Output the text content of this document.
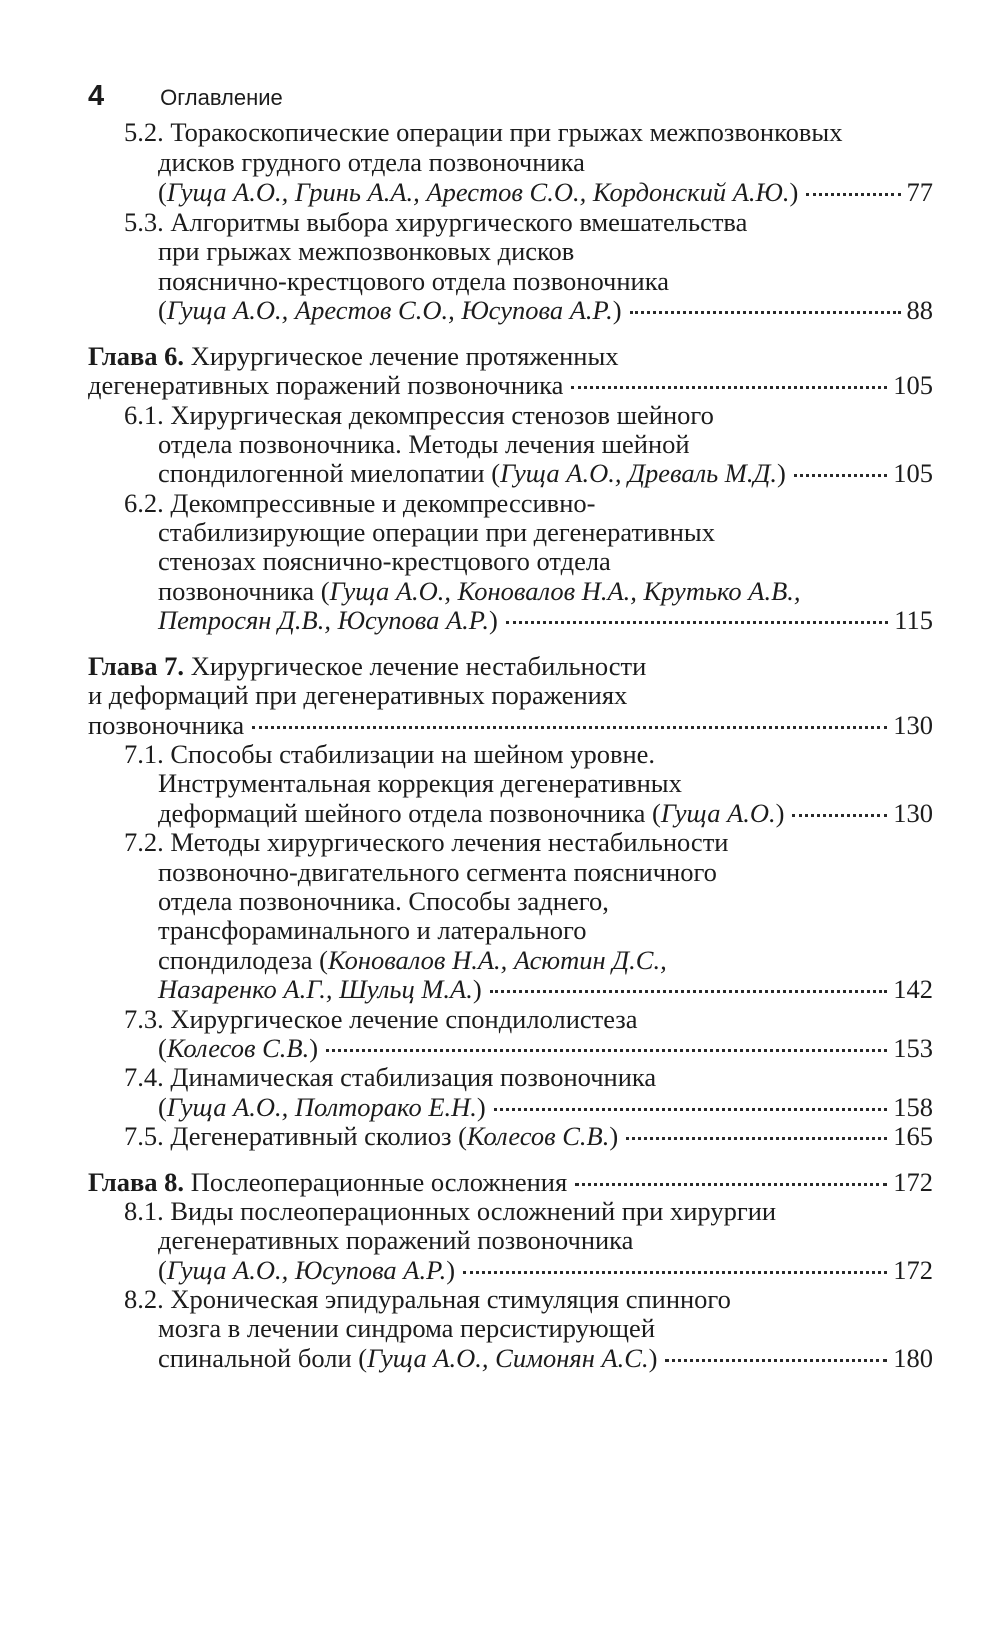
4	Оглавление
5.2. Торакоскопические операции при грыжах межпозвонковых
дисков грудного отдела позвоночника
(Гуща А.О., Гринь А.А., Арестов С.О., Кордонский А.Ю.)	77
5.3. Алгоритмы выбора хирургического вмешательства
при грыжах межпозвонковых дисков
пояснично-крестцового отдела позвоночника
(Гуща А.О., Арестов С.О., Юсупова А.Р.)	88
Глава 6. Хирургическое лечение протяженных
дегенеративных поражений позвоночника	105
6.1. Хирургическая декомпрессия стенозов шейного
отдела позвоночника. Методы лечения шейной
спондилогенной миелопатии (Гуща А.О., Древаль М.Д.)	105
6.2. Декомпрессивные и декомпрессивно-
стабилизирующие операции при дегенеративных
стенозах пояснично-крестцового отдела
позвоночника (Гуща А.О., Коновалов Н.А., Крутько А.В.,
Петросян Д.В., Юсупова А.Р.)	115
Глава 7. Хирургическое лечение нестабильности
и деформаций при дегенеративных поражениях
позвоночника	130
7.1. Способы стабилизации на шейном уровне.
Инструментальная коррекция дегенеративных
деформаций шейного отдела позвоночника (Гуща А.О.)	130
7.2. Методы хирургического лечения нестабильности
позвоночно-двигательного сегмента поясничного
отдела позвоночника. Способы заднего,
трансфораминального и латерального
спондилодеза (Коновалов Н.А., Асютин Д.С.,
Назаренко А.Г., Шульц М.А.)	142
7.3. Хирургическое лечение спондилолистеза
(Колесов С.В.)	153
7.4. Динамическая стабилизация позвоночника
(Гуща А.О., Полторако Е.Н.)	158
7.5. Дегенеративный сколиоз (Колесов С.В.)	165
Глава 8. Послеоперационные осложнения	172
8.1. Виды послеоперационных осложнений при хирургии
дегенеративных поражений позвоночника
(Гуща А.О., Юсупова А.Р.)	172
8.2. Хроническая эпидуральная стимуляция спинного
мозга в лечении синдрома персистирующей
спинальной боли (Гуща А.О., Симонян А.С.)	180
